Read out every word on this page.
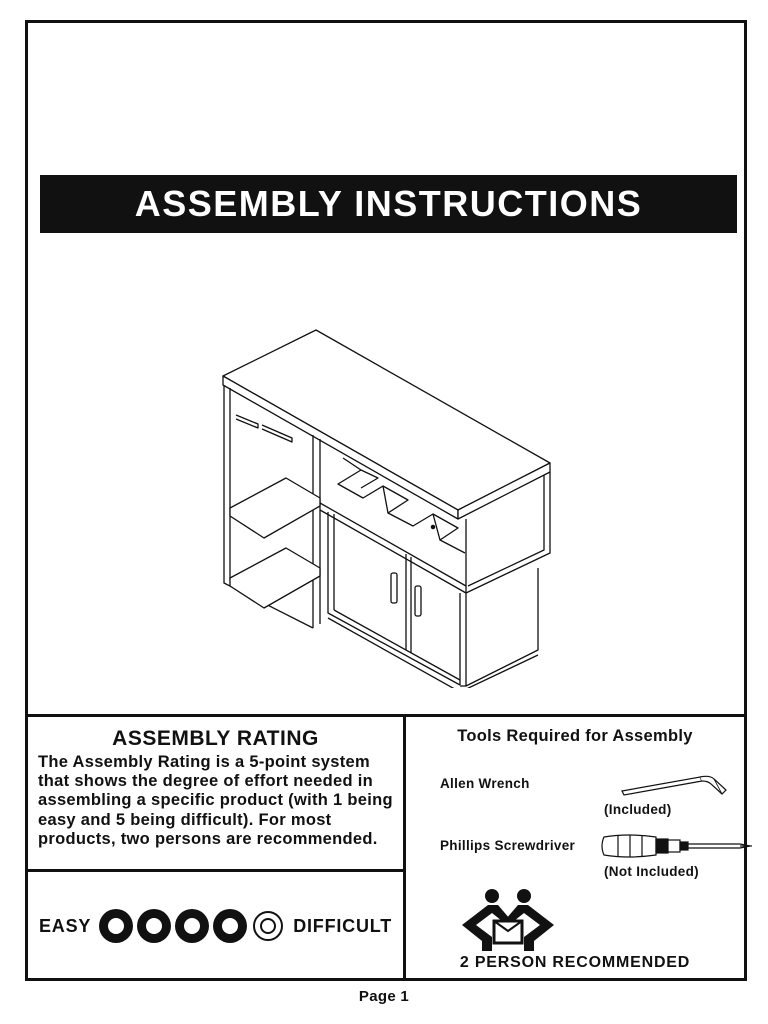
ASSEMBLY INSTRUCTIONS
ASSEMBLY RATING
The Assembly Rating is a 5-point system that shows the degree of effort needed in assembling a specific product (with 1 being easy and 5 being difficult). For most products, two persons are recommended.
EASY	DIFFICULT
Tools Required for Assembly
Allen Wrench
(Included)
Phillips Screwdriver
(Not Included)
2 PERSON RECOMMENDED
Page 1
